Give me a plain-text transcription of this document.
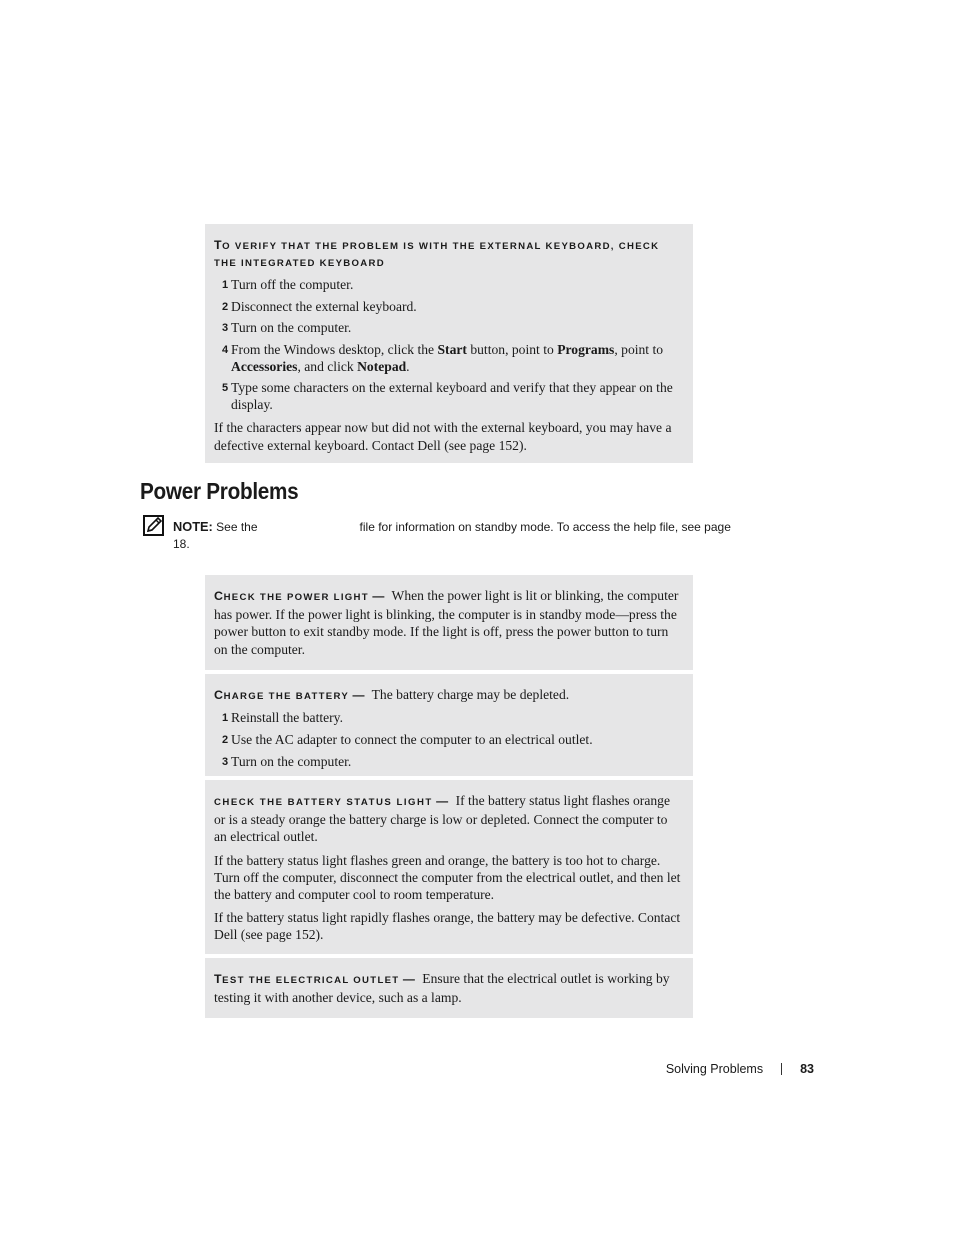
TO VERIFY THAT THE PROBLEM IS WITH THE EXTERNAL KEYBOARD, CHECK THE INTEGRATED KEYBOARD
1 Turn off the computer.
2 Disconnect the external keyboard.
3 Turn on the computer.
4 From the Windows desktop, click the Start button, point to Programs, point to Accessories, and click Notepad.
5 Type some characters on the external keyboard and verify that they appear on the display.

If the characters appear now but did not with the external keyboard, you may have a defective external keyboard. Contact Dell (see page 152).

Power Problems
NOTE: See the	file for information on standby mode. To access the help file, see page 18.

CHECK THE POWER LIGHT — When the power light is lit or blinking, the computer has power. If the power light is blinking, the computer is in standby mode—press the power button to exit standby mode. If the light is off, press the power button to turn on the computer.

CHARGE THE BATTERY — The battery charge may be depleted.

1 Reinstall the battery.
2 Use the AC adapter to connect the computer to an electrical outlet.
3 Turn on the computer.

CHECK THE BATTERY STATUS LIGHT — If the battery status light flashes orange or is a steady orange the battery charge is low or depleted. Connect the computer to an electrical outlet.

If the battery status light flashes green and orange, the battery is too hot to charge. Turn off the computer, disconnect the computer from the electrical outlet, and then let the battery and computer cool to room temperature.

If the battery status light rapidly flashes orange, the battery may be defective. Contact Dell (see page 152).

TEST THE ELECTRICAL OUTLET — Ensure that the electrical outlet is working by testing it with another device, such as a lamp.

Solving Problems	83
